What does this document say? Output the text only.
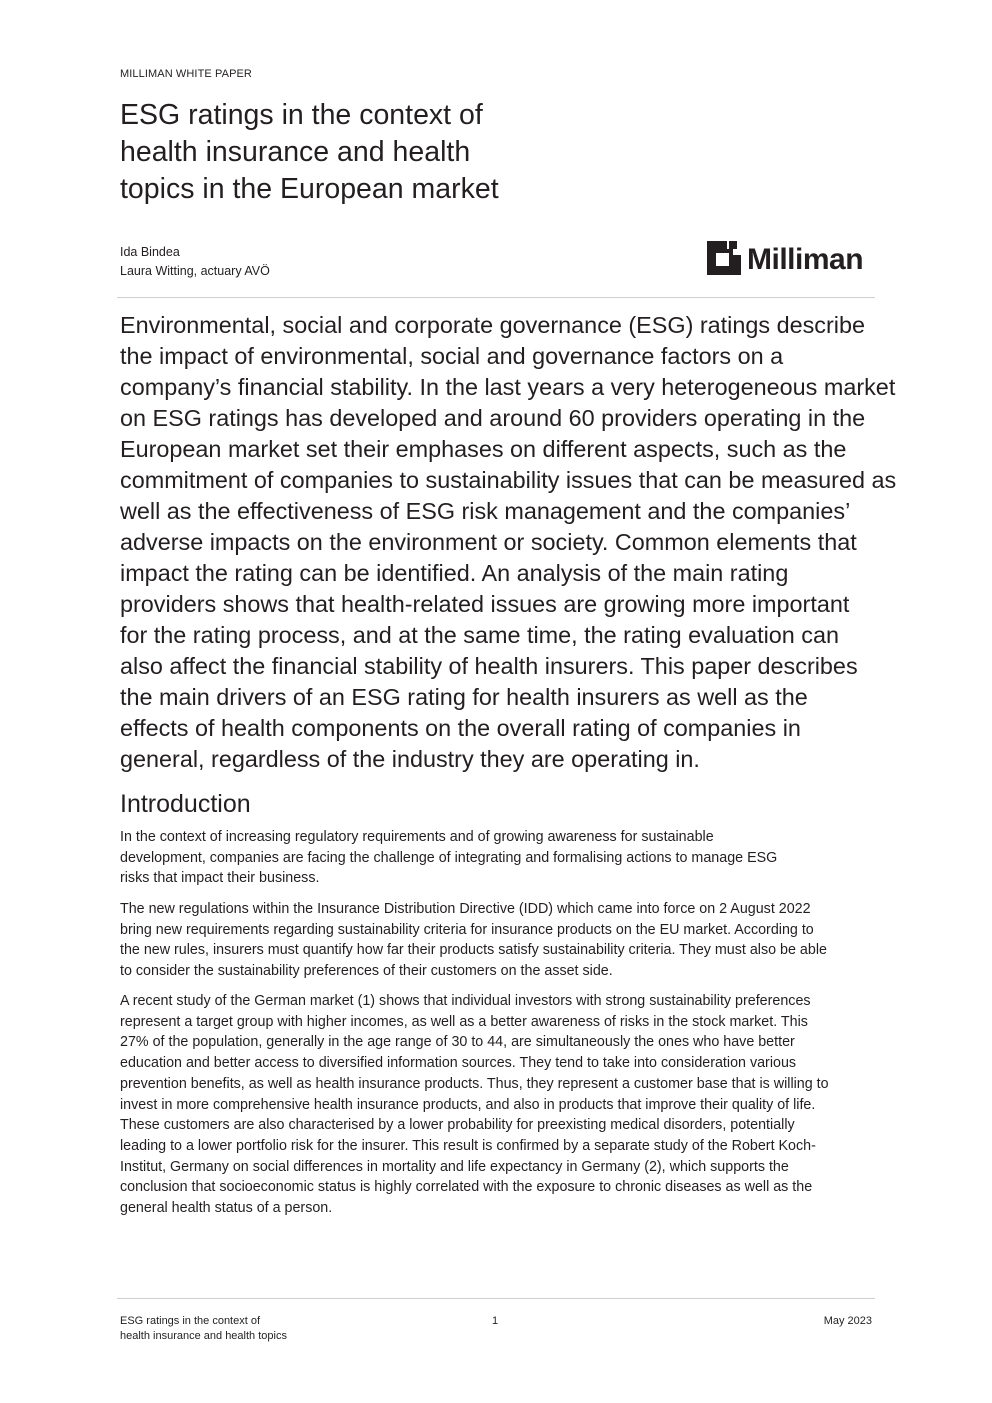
MILLIMAN WHITE PAPER
ESG ratings in the context of
health insurance and health
topics in the European market
Ida Bindea
Laura Witting, actuary AVÖ	Milliman

Environmental, social and corporate governance (ESG) ratings describe
the impact of environmental, social and governance factors on a
company’s financial stability. In the last years a very heterogeneous market
on ESG ratings has developed and around 60 providers operating in the
European market set their emphases on different aspects, such as the
commitment of companies to sustainability issues that can be measured as
well as the effectiveness of ESG risk management and the companies’
adverse impacts on the environment or society. Common elements that
impact the rating can be identified. An analysis of the main rating
providers shows that health-related issues are growing more important
for the rating process, and at the same time, the rating evaluation can
also affect the financial stability of health insurers. This paper describes
the main drivers of an ESG rating for health insurers as well as the
effects of health components on the overall rating of companies in
general, regardless of the industry they are operating in.

Introduction

In the context of increasing regulatory requirements and of growing awareness for sustainable
development, companies are facing the challenge of integrating and formalising actions to manage ESG
risks that impact their business.

The new regulations within the Insurance Distribution Directive (IDD) which came into force on 2 August 2022
bring new requirements regarding sustainability criteria for insurance products on the EU market. According to
the new rules, insurers must quantify how far their products satisfy sustainability criteria. They must also be able
to consider the sustainability preferences of their customers on the asset side.

A recent study of the German market (1) shows that individual investors with strong sustainability preferences
represent a target group with higher incomes, as well as a better awareness of risks in the stock market. This
27% of the population, generally in the age range of 30 to 44, are simultaneously the ones who have better
education and better access to diversified information sources. They tend to take into consideration various
prevention benefits, as well as health insurance products. Thus, they represent a customer base that is willing to
invest in more comprehensive health insurance products, and also in products that improve their quality of life.
These customers are also characterised by a lower probability for preexisting medical disorders, potentially
leading to a lower portfolio risk for the insurer. This result is confirmed by a separate study of the Robert Koch-
Institut, Germany on social differences in mortality and life expectancy in Germany (2), which supports the
conclusion that socioeconomic status is highly correlated with the exposure to chronic diseases as well as the
general health status of a person.

ESG ratings in the context of
health insurance and health topics
1	May 2023
